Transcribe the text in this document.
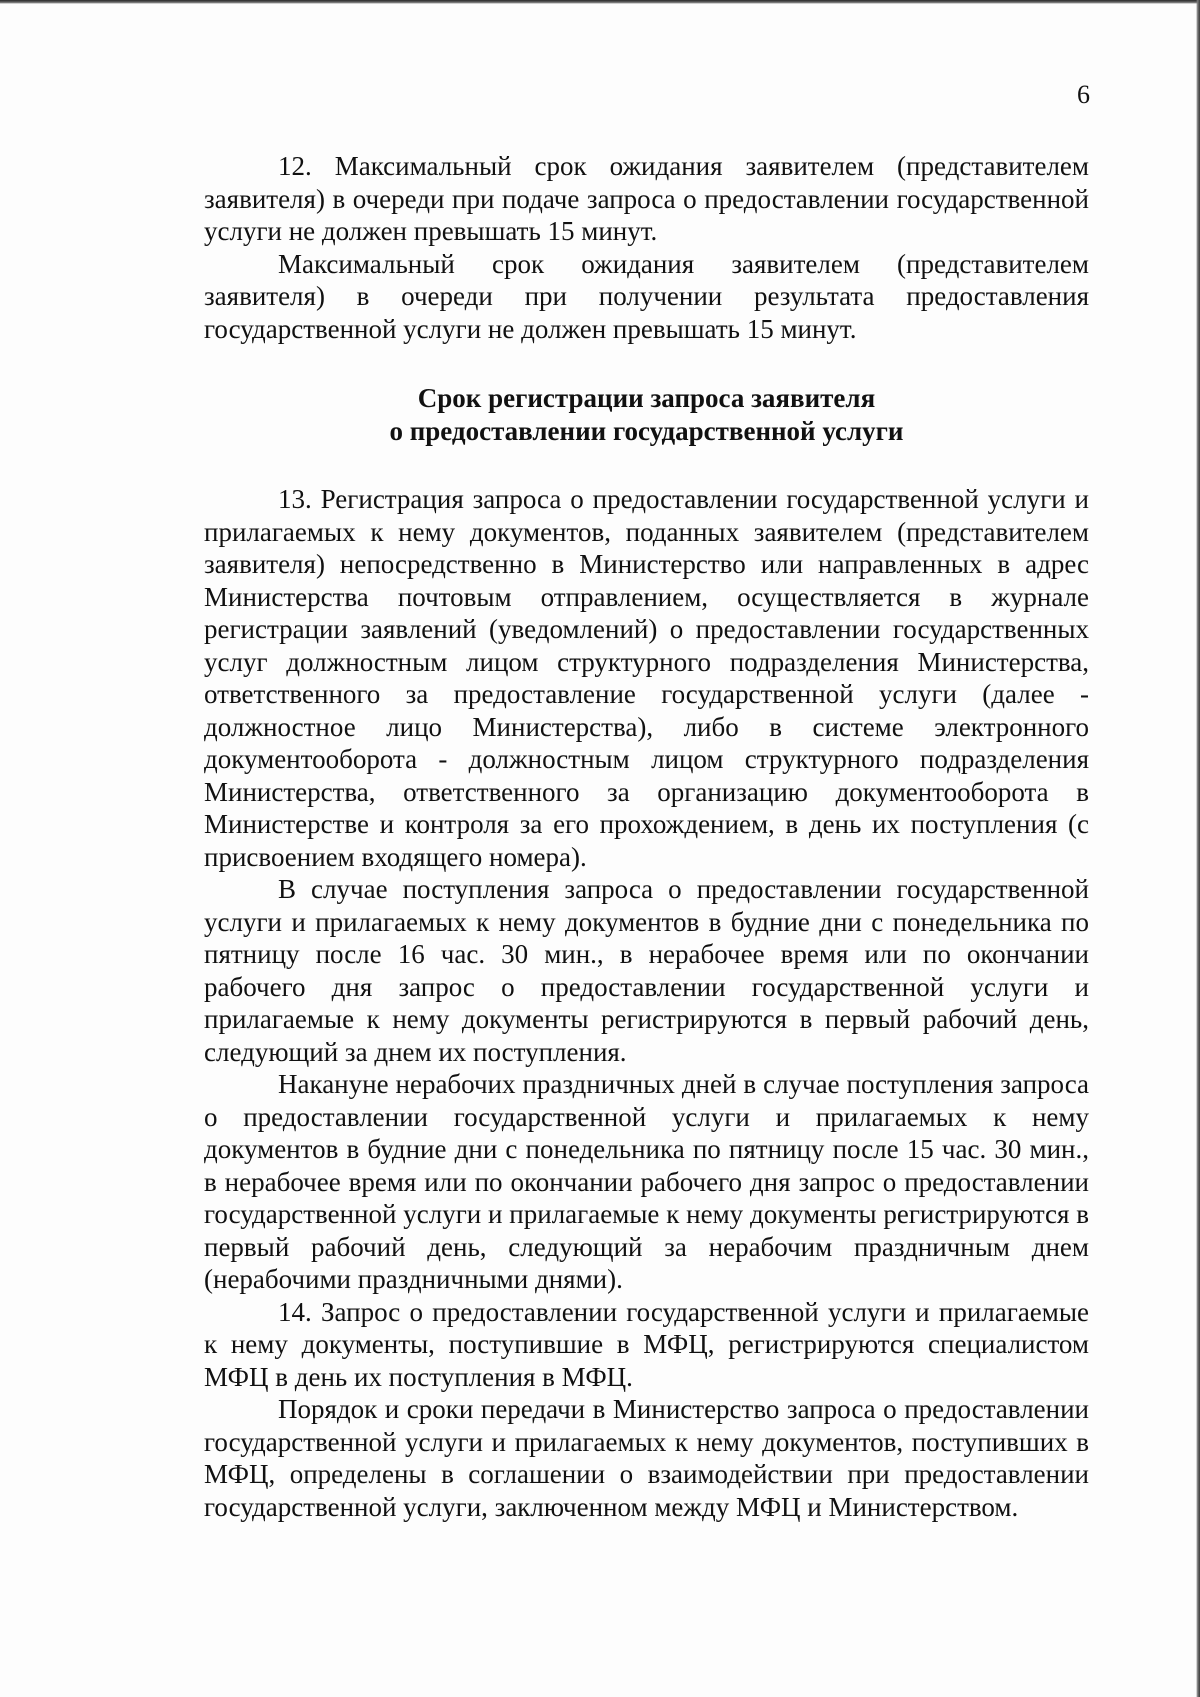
6

12. Максимальный срок ожидания заявителем (представителем заявителя) в очереди при подаче запроса о предоставлении государственной услуги не должен превышать 15 минут.

Максимальный срок ожидания заявителем (представителем заявителя) в очереди при получении результата предоставления государственной услуги не должен превышать 15 минут.

Срок регистрации запроса заявителя
о предоставлении государственной услуги

13. Регистрация запроса о предоставлении государственной услуги и прилагаемых к нему документов, поданных заявителем (представителем заявителя) непосредственно в Министерство или направленных в адрес Министерства почтовым отправлением, осуществляется в журнале регистрации заявлений (уведомлений) о предоставлении государственных услуг должностным лицом структурного подразделения Министерства, ответственного за предоставление государственной услуги (далее - должностное лицо Министерства), либо в системе электронного документооборота - должностным лицом структурного подразделения Министерства, ответственного за организацию документооборота в Министерстве и контроля за его прохождением, в день их поступления (с присвоением входящего номера).

В случае поступления запроса о предоставлении государственной услуги и прилагаемых к нему документов в будние дни с понедельника по пятницу после 16 час. 30 мин., в нерабочее время или по окончании рабочего дня запрос о предоставлении государственной услуги и прилагаемые к нему документы регистрируются в первый рабочий день, следующий за днем их поступления.

Накануне нерабочих праздничных дней в случае поступления запроса о предоставлении государственной услуги и прилагаемых к нему документов в будние дни с понедельника по пятницу после 15 час. 30 мин., в нерабочее время или по окончании рабочего дня запрос о предоставлении государственной услуги и прилагаемые к нему документы регистрируются в первый рабочий день, следующий за нерабочим праздничным днем (нерабочими праздничными днями).

14. Запрос о предоставлении государственной услуги и прилагаемые к нему документы, поступившие в МФЦ, регистрируются специалистом МФЦ в день их поступления в МФЦ.

Порядок и сроки передачи в Министерство запроса о предоставлении государственной услуги и прилагаемых к нему документов, поступивших в МФЦ, определены в соглашении о взаимодействии при предоставлении государственной услуги, заключенном между МФЦ и Министерством.
